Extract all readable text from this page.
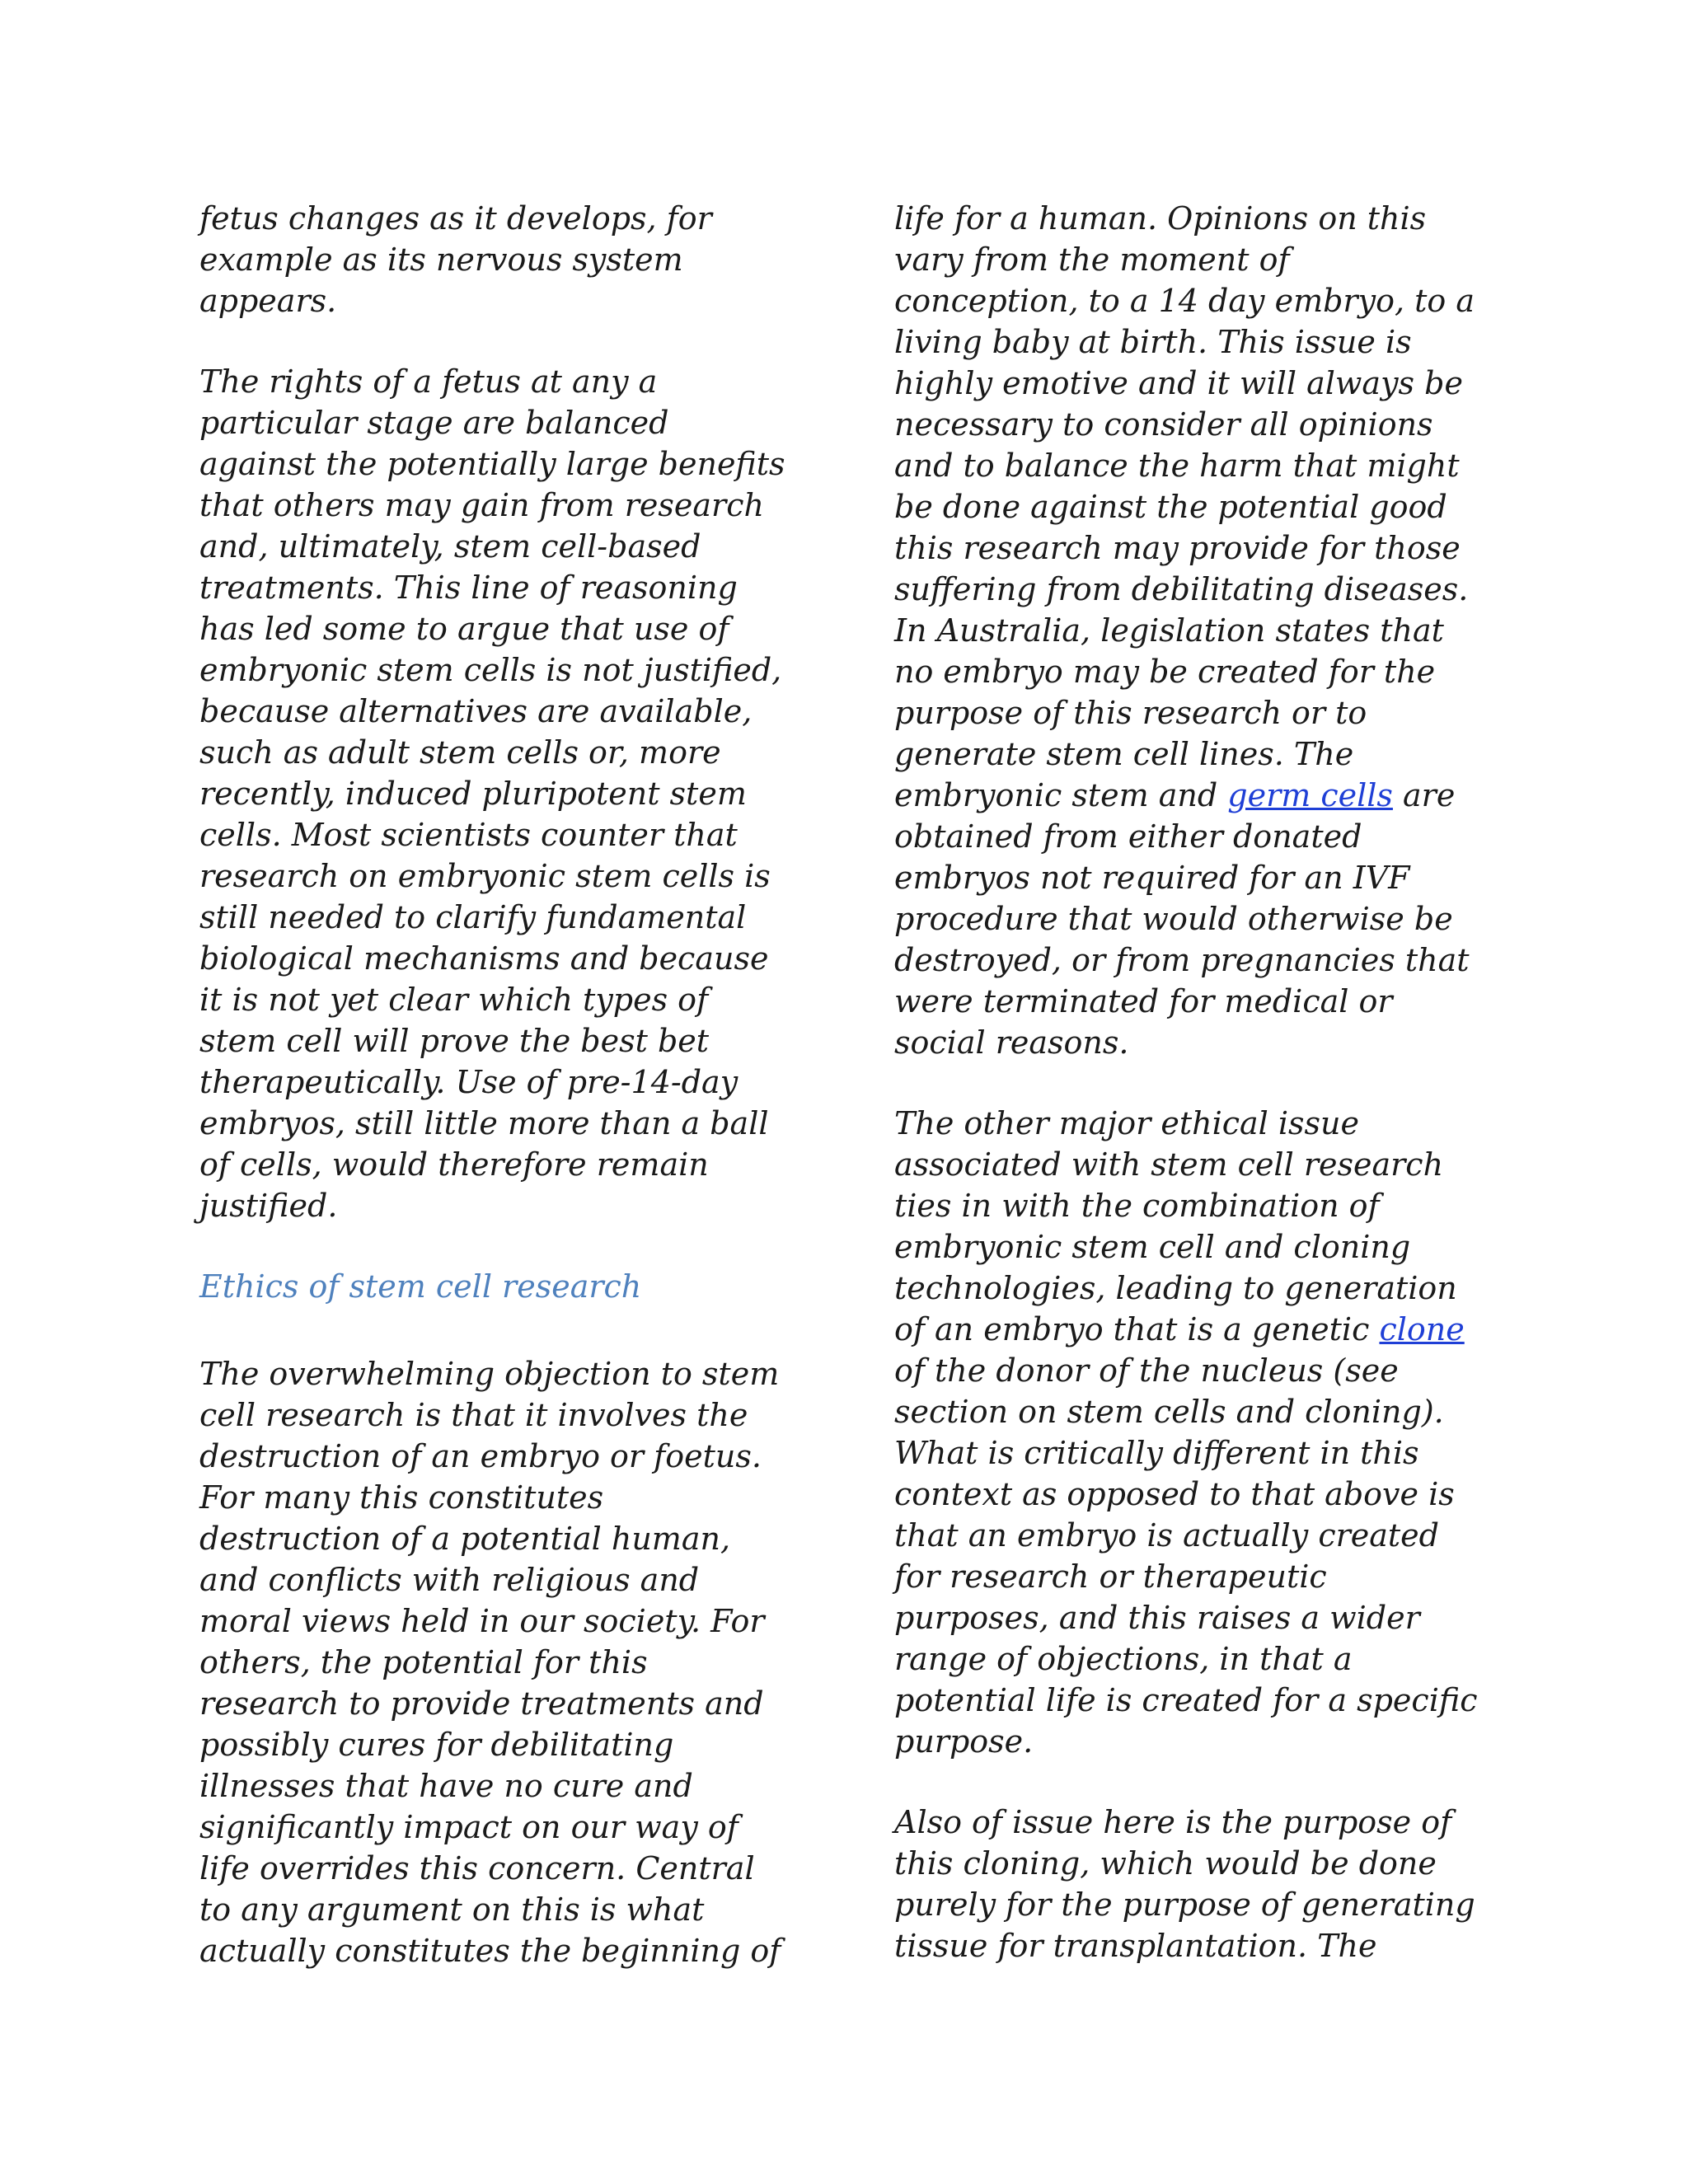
fetus changes as it develops, for
example as its nervous system
appears.
The rights of a fetus at any a
particular stage are balanced
against the potentially large benefits
that others may gain from research
and, ultimately, stem cell-based
treatments. This line of reasoning
has led some to argue that use of
embryonic stem cells is not justified,
because alternatives are available,
such as adult stem cells or, more
recently, induced pluripotent stem
cells. Most scientists counter that
research on embryonic stem cells is
still needed to clarify fundamental
biological mechanisms and because
it is not yet clear which types of
stem cell will prove the best bet
therapeutically. Use of pre-14-day
embryos, still little more than a ball
of cells, would therefore remain
justified.
Ethics of stem cell research
The overwhelming objection to stem
cell research is that it involves the
destruction of an embryo or foetus.
For many this constitutes
destruction of a potential human,
and conflicts with religious and
moral views held in our society. For
others, the potential for this
research to provide treatments and
possibly cures for debilitating
illnesses that have no cure and
significantly impact on our way of
life overrides this concern. Central
to any argument on this is what
actually constitutes the beginning of
life for a human. Opinions on this
vary from the moment of
conception, to a 14 day embryo, to a
living baby at birth. This issue is
highly emotive and it will always be
necessary to consider all opinions
and to balance the harm that might
be done against the potential good
this research may provide for those
suffering from debilitating diseases.
In Australia, legislation states that
no embryo may be created for the
purpose of this research or to
generate stem cell lines. The
embryonic stem and germ cells are
obtained from either donated
embryos not required for an IVF
procedure that would otherwise be
destroyed, or from pregnancies that
were terminated for medical or
social reasons.
The other major ethical issue
associated with stem cell research
ties in with the combination of
embryonic stem cell and cloning
technologies, leading to generation
of an embryo that is a genetic clone
of the donor of the nucleus (see
section on stem cells and cloning).
What is critically different in this
context as opposed to that above is
that an embryo is actually created
for research or therapeutic
purposes, and this raises a wider
range of objections, in that a
potential life is created for a specific
purpose.
Also of issue here is the purpose of
this cloning, which would be done
purely for the purpose of generating
tissue for transplantation. The
